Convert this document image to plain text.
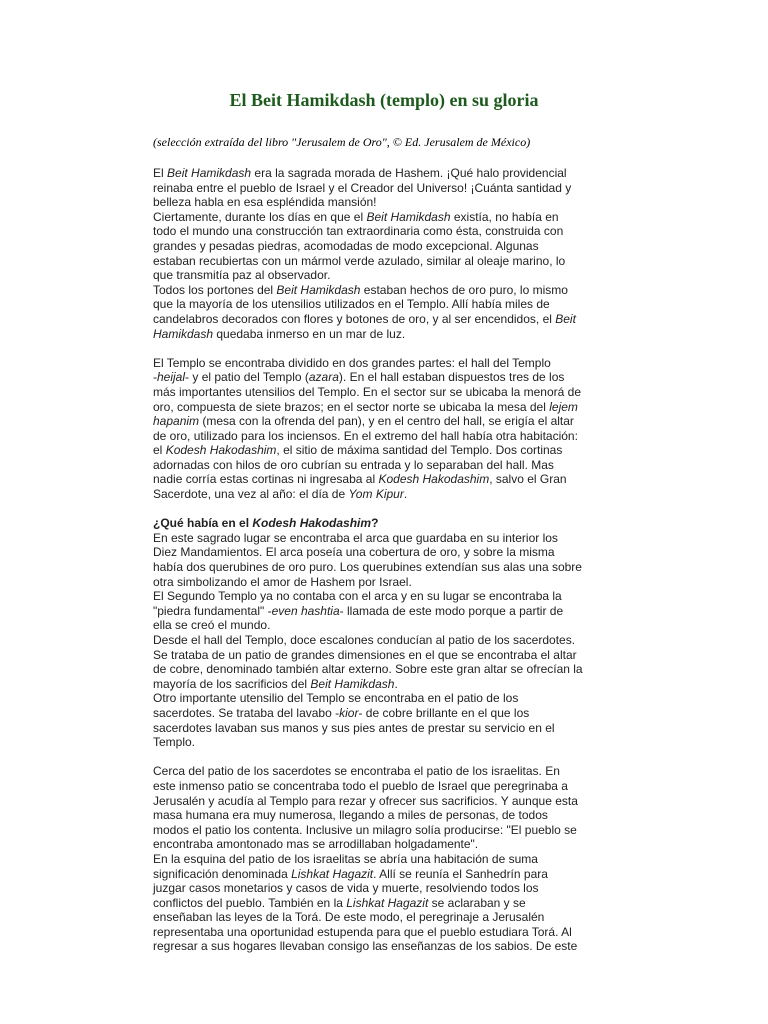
El Beit Hamikdash (templo) en su gloria
(selección extraída del libro "Jerusalem de Oro", © Ed. Jerusalem de México)
El Beit Hamikdash era la sagrada morada de Hashem. ¡Qué halo providencial
reinaba entre el pueblo de Israel y el Creador del Universo! ¡Cuánta santidad y
belleza habla en esa espléndida mansión!
Ciertamente, durante los días en que el Beit Hamikdash existía, no había en
todo el mundo una construcción tan extraordinaria como ésta, construida con
grandes y pesadas piedras, acomodadas de modo excepcional. Algunas
estaban recubiertas con un mármol verde azulado, similar al oleaje marino, lo
que transmitía paz al observador.
Todos los portones del Beit Hamikdash estaban hechos de oro puro, lo mismo
que la mayoría de los utensilios utilizados en el Templo. Allí había miles de
candelabros decorados con flores y botones de oro, y al ser encendidos, el Beit
Hamikdash quedaba inmerso en un mar de luz.
El Templo se encontraba dividido en dos grandes partes: el hall del Templo
-heijal- y el patio del Templo (azara). En el hall estaban dispuestos tres de los
más importantes utensilios del Templo. En el sector sur se ubicaba la menorá de
oro, compuesta de siete brazos; en el sector norte se ubicaba la mesa del lejem
hapanim (mesa con la ofrenda del pan), y en el centro del hall, se erigía el altar
de oro, utilizado para los inciensos. En el extremo del hall había otra habitación:
el Kodesh Hakodashim, el sitio de máxima santidad del Templo. Dos cortinas
adornadas con hilos de oro cubrían su entrada y lo separaban del hall. Mas
nadie corría estas cortinas ni ingresaba al Kodesh Hakodashim, salvo el Gran
Sacerdote, una vez al año: el día de Yom Kipur.
¿Qué había en el Kodesh Hakodashim?
En este sagrado lugar se encontraba el arca que guardaba en su interior los
Diez Mandamientos. El arca poseía una cobertura de oro, y sobre la misma
había dos querubines de oro puro. Los querubines extendían sus alas una sobre
otra simbolizando el amor de Hashem por Israel.
El Segundo Templo ya no contaba con el arca y en su lugar se encontraba la
"piedra fundamental" -even hashtia- llamada de este modo porque a partir de
ella se creó el mundo.
Desde el hall del Templo, doce escalones conducían al patio de los sacerdotes.
Se trataba de un patio de grandes dimensiones en el que se encontraba el altar
de cobre, denominado también altar externo. Sobre este gran altar se ofrecían la
mayoría de los sacrificios del Beit Hamikdash.
Otro importante utensilio del Templo se encontraba en el patio de los
sacerdotes. Se trataba del lavabo -kior- de cobre brillante en el que los
sacerdotes lavaban sus manos y sus pies antes de prestar su servicio en el
Templo.
Cerca del patio de los sacerdotes se encontraba el patio de los israelitas. En
este inmenso patio se concentraba todo el pueblo de Israel que peregrinaba a
Jerusalén y acudía al Templo para rezar y ofrecer sus sacrificios. Y aunque esta
masa humana era muy numerosa, llegando a miles de personas, de todos
modos el patio los contenta. Inclusive un milagro solía producirse: "El pueblo se
encontraba amontonado mas se arrodillaban holgadamente".
En la esquina del patio de los israelitas se abría una habitación de suma
significación denominada Lishkat Hagazit. Allí se reunía el Sanhedrín para
juzgar casos monetarios y casos de vida y muerte, resolviendo todos los
conflictos del pueblo. También en la Lishkat Hagazit se aclaraban y se
enseñaban las leyes de la Torá. De este modo, el peregrinaje a Jerusalén
representaba una oportunidad estupenda para que el pueblo estudiara Torá. Al
regresar a sus hogares llevaban consigo las enseñanzas de los sabios. De este
